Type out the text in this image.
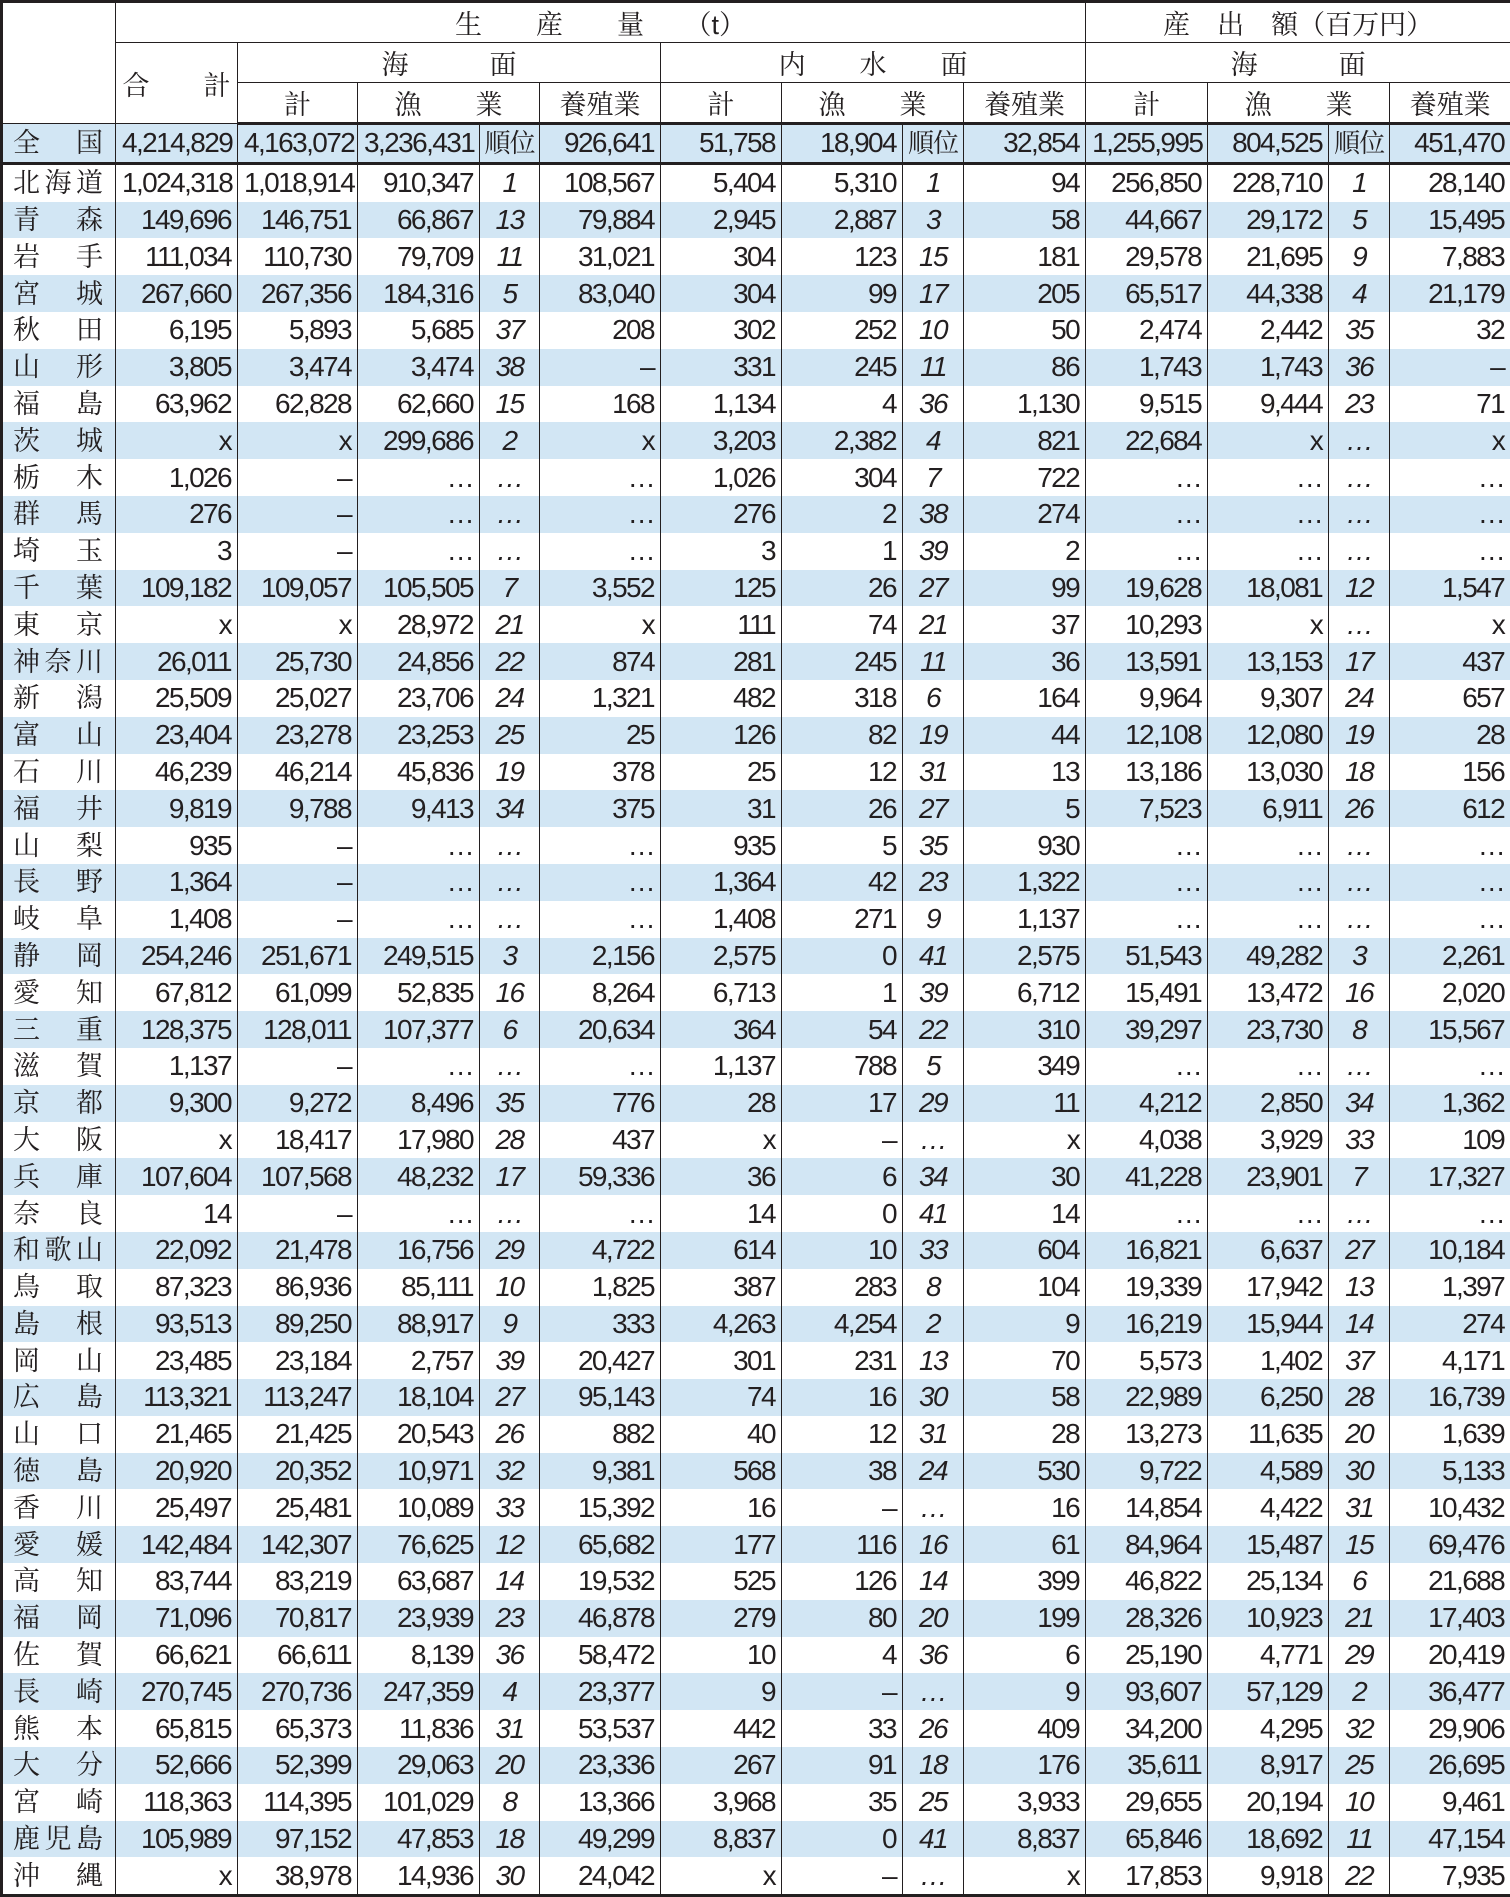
	生　　産　　量　　（t）									産　出　額（百万円）			
	合　　計	海　　　面				内　　水　　面				海　　　面			
		計	漁　　業		養殖業	計	漁　　業		養殖業	計	漁　　業		養殖業
全　国	4,214,829	4,163,072	3,236,431	順位	926,641	51,758	18,904	順位	32,854	1,255,995	804,525	順位	451,470
北海道	1,024,318	1,018,914	910,347	1	108,567	5,404	5,310	1	94	256,850	228,710	1	28,140
青森	149,696	146,751	66,867	13	79,884	2,945	2,887	3	58	44,667	29,172	5	15,495
岩手	111,034	110,730	79,709	11	31,021	304	123	15	181	29,578	21,695	9	7,883
宮城	267,660	267,356	184,316	5	83,040	304	99	17	205	65,517	44,338	4	21,179
秋田	6,195	5,893	5,685	37	208	302	252	10	50	2,474	2,442	35	32
山形	3,805	3,474	3,474	38	–	331	245	11	86	1,743	1,743	36	–
福島	63,962	62,828	62,660	15	168	1,134	4	36	1,130	9,515	9,444	23	71
茨城	x	x	299,686	2	x	3,203	2,382	4	821	22,684	x	…	x
栃木	1,026	–	…	…	…	1,026	304	7	722	…	…	…	…
群馬	276	–	…	…	…	276	2	38	274	…	…	…	…
埼玉	3	–	…	…	…	3	1	39	2	…	…	…	…
千葉	109,182	109,057	105,505	7	3,552	125	26	27	99	19,628	18,081	12	1,547
東京	x	x	28,972	21	x	111	74	21	37	10,293	x	…	x
神奈川	26,011	25,730	24,856	22	874	281	245	11	36	13,591	13,153	17	437
新潟	25,509	25,027	23,706	24	1,321	482	318	6	164	9,964	9,307	24	657
富山	23,404	23,278	23,253	25	25	126	82	19	44	12,108	12,080	19	28
石川	46,239	46,214	45,836	19	378	25	12	31	13	13,186	13,030	18	156
福井	9,819	9,788	9,413	34	375	31	26	27	5	7,523	6,911	26	612
山梨	935	–	…	…	…	935	5	35	930	…	…	…	…
長野	1,364	–	…	…	…	1,364	42	23	1,322	…	…	…	…
岐阜	1,408	–	…	…	…	1,408	271	9	1,137	…	…	…	…
静岡	254,246	251,671	249,515	3	2,156	2,575	0	41	2,575	51,543	49,282	3	2,261
愛知	67,812	61,099	52,835	16	8,264	6,713	1	39	6,712	15,491	13,472	16	2,020
三重	128,375	128,011	107,377	6	20,634	364	54	22	310	39,297	23,730	8	15,567
滋賀	1,137	–	…	…	…	1,137	788	5	349	…	…	…	…
京都	9,300	9,272	8,496	35	776	28	17	29	11	4,212	2,850	34	1,362
大阪	x	18,417	17,980	28	437	x	–	…	x	4,038	3,929	33	109
兵庫	107,604	107,568	48,232	17	59,336	36	6	34	30	41,228	23,901	7	17,327
奈良	14	–	…	…	…	14	0	41	14	…	…	…	…
和歌山	22,092	21,478	16,756	29	4,722	614	10	33	604	16,821	6,637	27	10,184
鳥取	87,323	86,936	85,111	10	1,825	387	283	8	104	19,339	17,942	13	1,397
島根	93,513	89,250	88,917	9	333	4,263	4,254	2	9	16,219	15,944	14	274
岡山	23,485	23,184	2,757	39	20,427	301	231	13	70	5,573	1,402	37	4,171
広島	113,321	113,247	18,104	27	95,143	74	16	30	58	22,989	6,250	28	16,739
山口	21,465	21,425	20,543	26	882	40	12	31	28	13,273	11,635	20	1,639
徳島	20,920	20,352	10,971	32	9,381	568	38	24	530	9,722	4,589	30	5,133
香川	25,497	25,481	10,089	33	15,392	16	–	…	16	14,854	4,422	31	10,432
愛媛	142,484	142,307	76,625	12	65,682	177	116	16	61	84,964	15,487	15	69,476
高知	83,744	83,219	63,687	14	19,532	525	126	14	399	46,822	25,134	6	21,688
福岡	71,096	70,817	23,939	23	46,878	279	80	20	199	28,326	10,923	21	17,403
佐賀	66,621	66,611	8,139	36	58,472	10	4	36	6	25,190	4,771	29	20,419
長崎	270,745	270,736	247,359	4	23,377	9	–	…	9	93,607	57,129	2	36,477
熊本	65,815	65,373	11,836	31	53,537	442	33	26	409	34,200	4,295	32	29,906
大分	52,666	52,399	29,063	20	23,336	267	91	18	176	35,611	8,917	25	26,695
宮崎	118,363	114,395	101,029	8	13,366	3,968	35	25	3,933	29,655	20,194	10	9,461
鹿児島	105,989	97,152	47,853	18	49,299	8,837	0	41	8,837	65,846	18,692	11	47,154
沖縄	x	38,978	14,936	30	24,042	x	–	…	x	17,853	9,918	22	7,935
